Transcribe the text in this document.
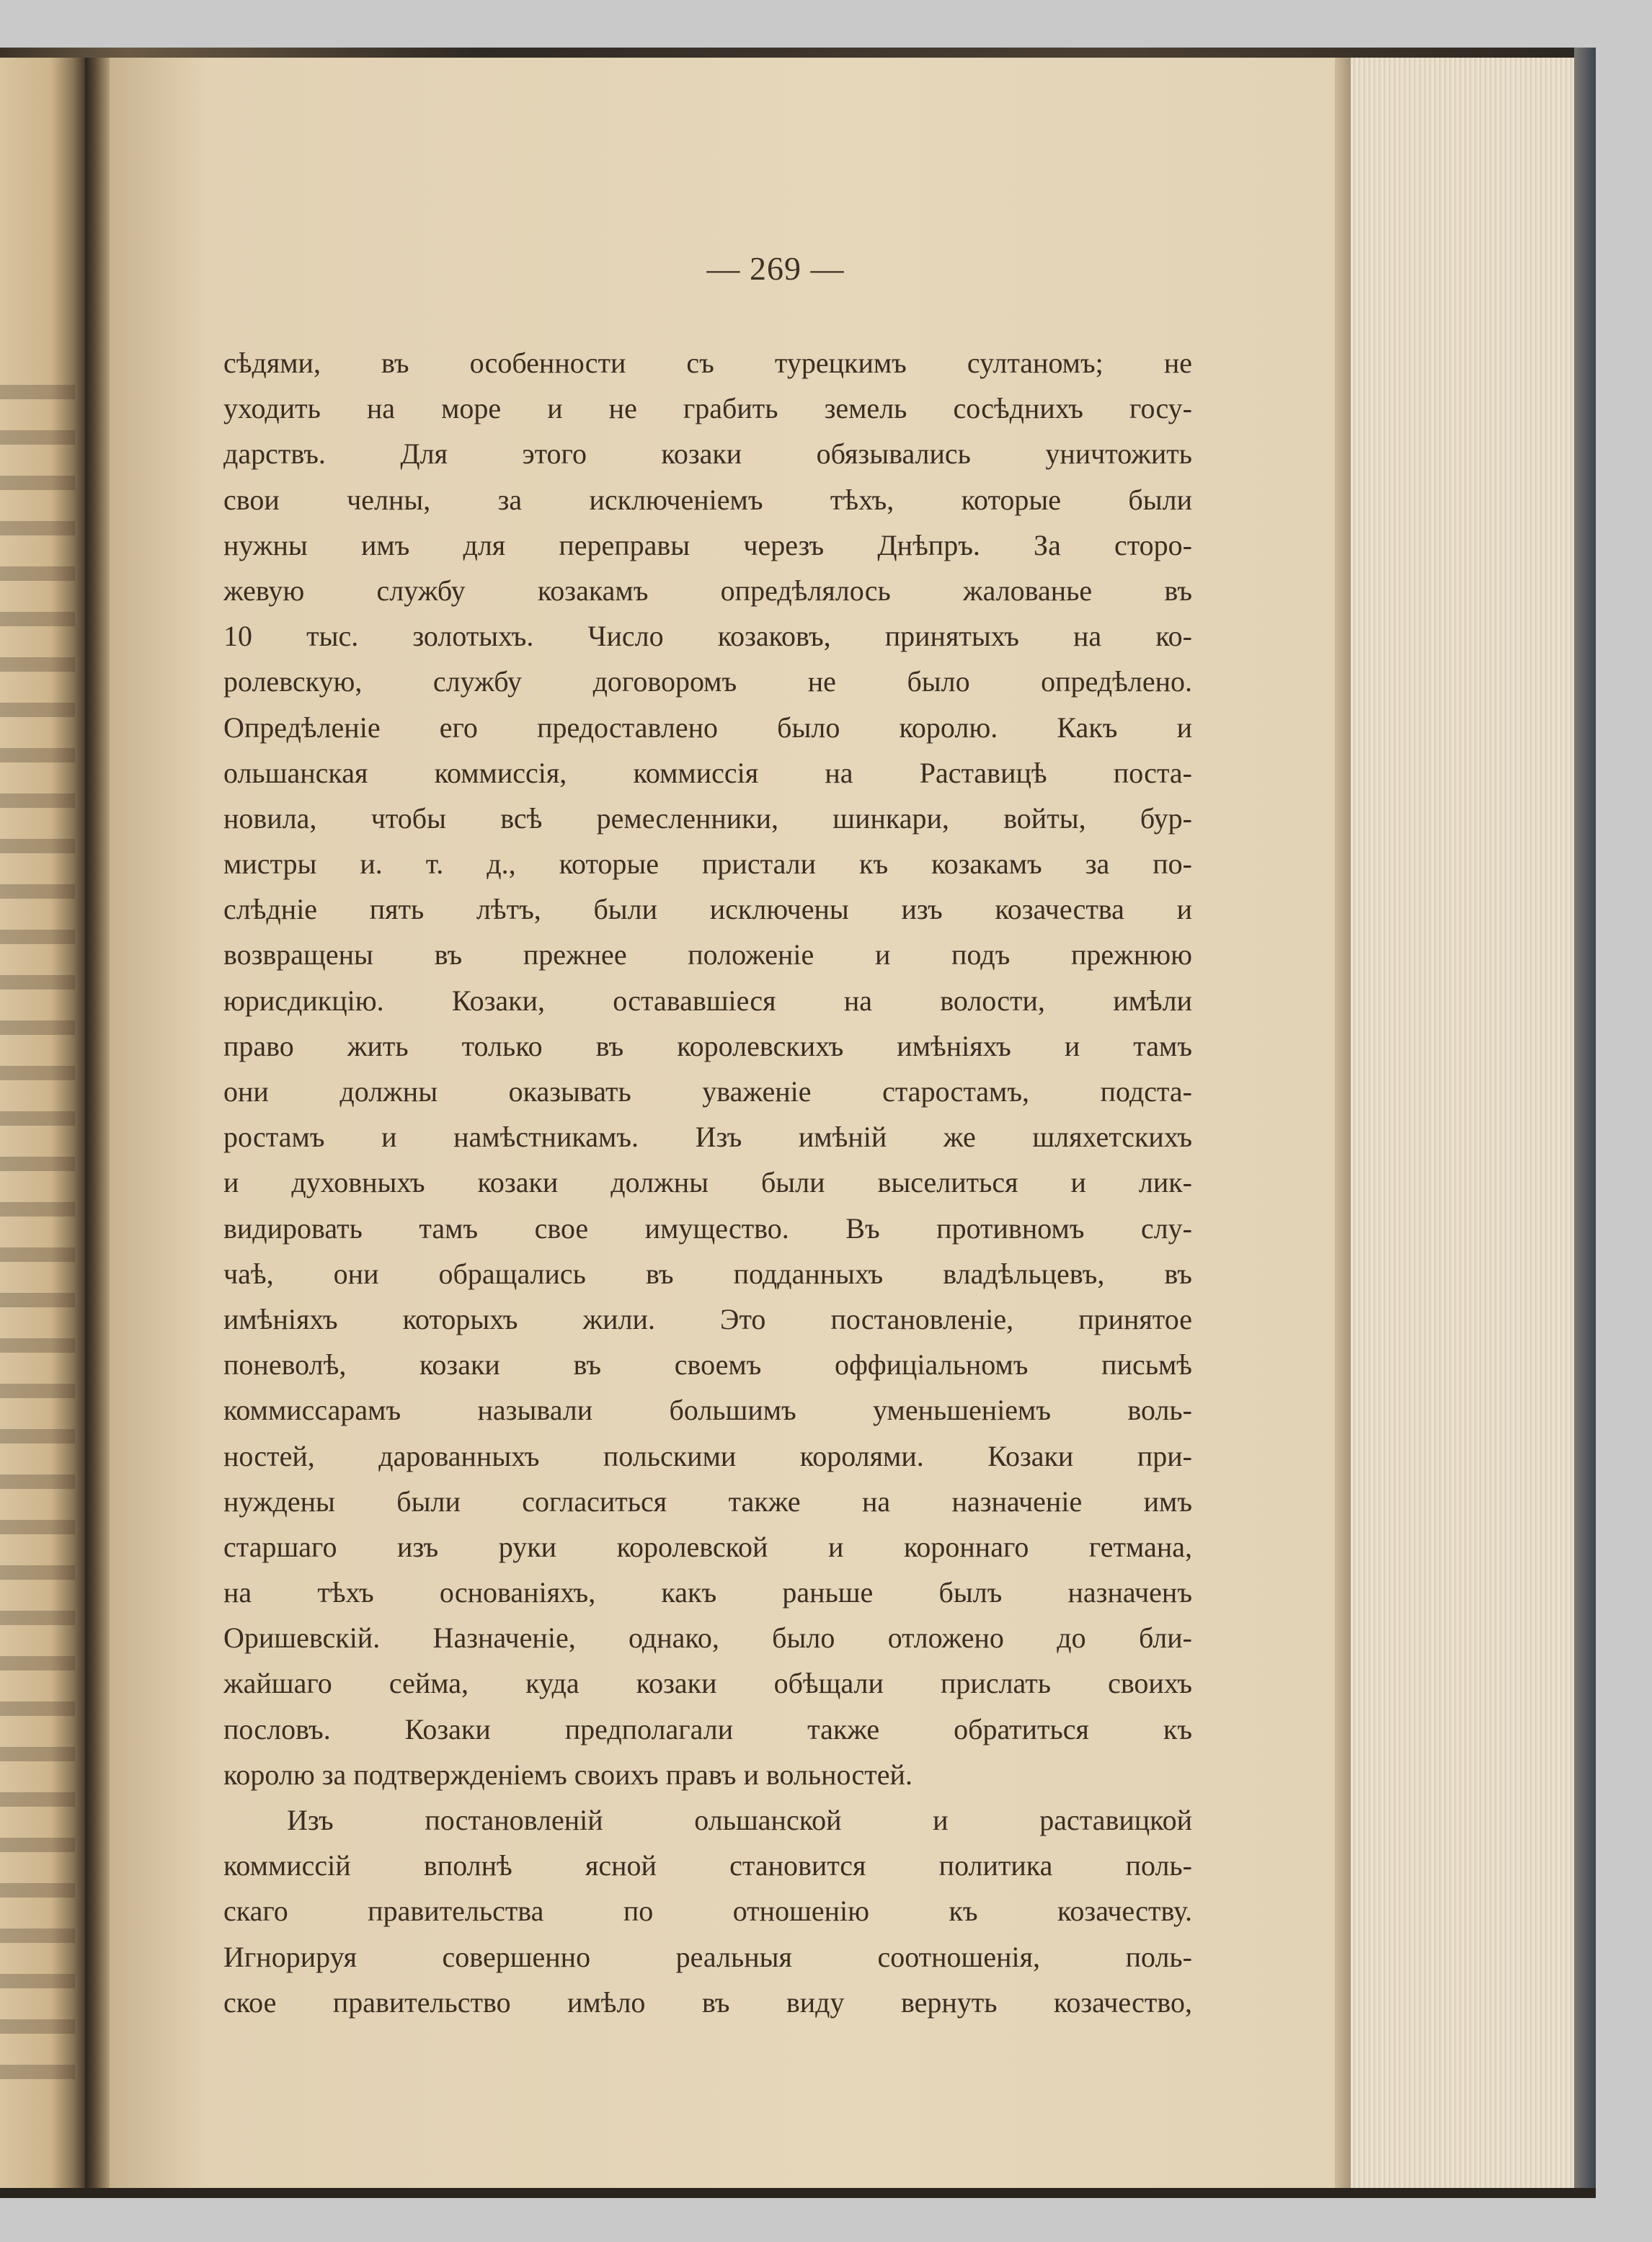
— 269 —
сѣдями, въ особенности съ турецкимъ султаномъ; не
уходить на море и не грабить земель сосѣднихъ госу-
дарствъ. Для этого козаки обязывались уничтожить
свои челны, за исключеніемъ тѣхъ, которые были
нужны имъ для переправы черезъ Днѣпръ. За сторо-
жевую службу козакамъ опредѣлялось жалованье въ
10 тыс. золотыхъ. Число козаковъ, принятыхъ на ко-
ролевскую, службу договоромъ не было опредѣлено.
Опредѣленіе его предоставлено было королю. Какъ и
ольшанская коммиссія, коммиссія на Раставицѣ поста-
новила, чтобы всѣ ремесленники, шинкари, войты, бур-
мистры и. т. д., которые пристали къ козакамъ за по-
слѣдніе пять лѣтъ, были исключены изъ козачества и
возвращены въ прежнее положеніе и подъ прежнюю
юрисдикцію. Козаки, остававшіеся на волости, имѣли
право жить только въ королевскихъ имѣніяхъ и тамъ
они должны оказывать уваженіе старостамъ, подста-
ростамъ и намѣстникамъ. Изъ имѣній же шляхетскихъ
и духовныхъ козаки должны были выселиться и лик-
видировать тамъ свое имущество. Въ противномъ слу-
чаѣ, они обращались въ подданныхъ владѣльцевъ, въ
имѣніяхъ которыхъ жили. Это постановленіе, принятое
поневолѣ, козаки въ своемъ оффиціальномъ письмѣ
коммиссарамъ называли большимъ уменьшеніемъ воль-
ностей, дарованныхъ польскими королями. Козаки при-
нуждены были согласиться также на назначеніе имъ
старшаго изъ руки королевской и короннаго гетмана,
на тѣхъ основаніяхъ, какъ раньше былъ назначенъ
Оришевскій. Назначеніе, однако, было отложено до бли-
жайшаго сейма, куда козаки обѣщали прислать своихъ
пословъ. Козаки предполагали также обратиться къ
королю за подтвержденіемъ своихъ правъ и вольностей.
Изъ постановленій ольшанской и раставицкой
коммиссій вполнѣ ясной становится политика поль-
скаго правительства по отношенію къ козачеству.
Игнорируя совершенно реальныя соотношенія, поль-
ское правительство имѣло въ виду вернуть козачество,
